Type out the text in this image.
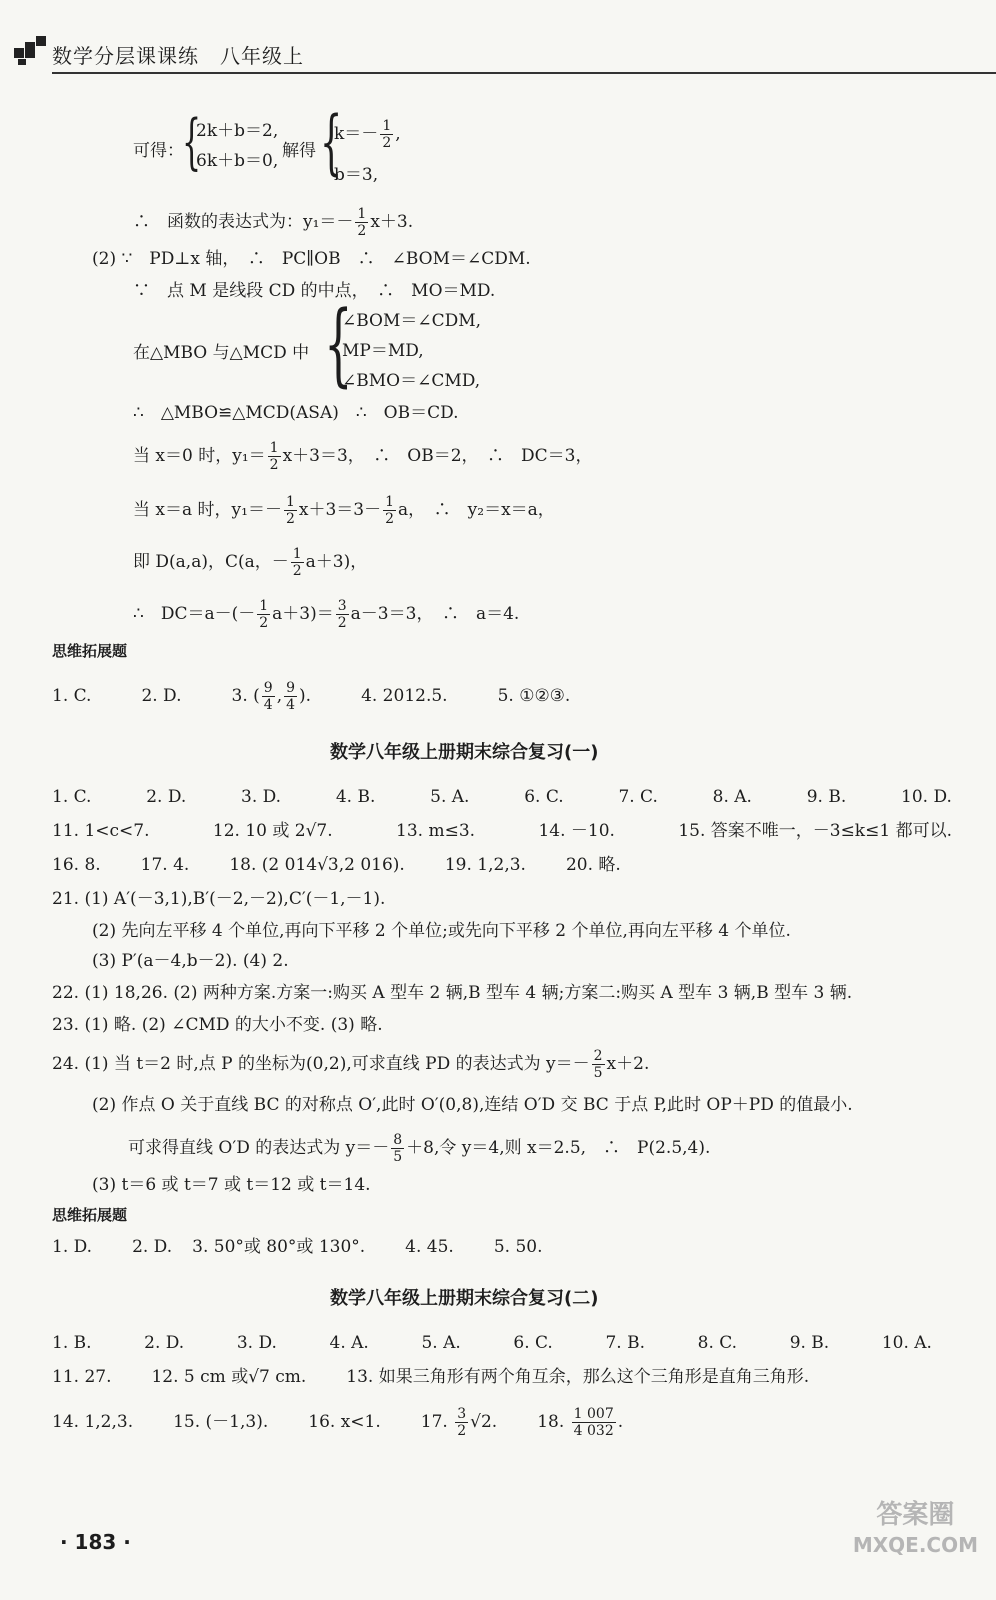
数学分层课课练　八年级上
可得：
{
2k＋b＝2,
6k＋b＝0, 解得 {
$k=- \frac{1}{2}$ ,
b＝3,
∴　函数的表达式为：$y_1=- \frac{1}{2} x+3$.
(2) ∵　PD⊥x 轴，　∴　PC∥OB　∴　∠BOM＝∠CDM.
∵　点 M 是线段 CD 的中点，　∴　MO＝MD.
在△MBO 与△MCD 中 {
∠BOM＝∠CDM,
MP＝MD,
∠BMO＝∠CMD,
∴　△MBO≌△MCD(ASA)　∴　OB＝CD.
当 x＝0 时，$y_1= \frac{1}{2} x+3=3$，　∴　OB＝2，　∴　DC＝3，
当 x＝a 时，$y_1=- \frac{1}{2} x+3=3- \frac{1}{2}$ a，　∴　y₂＝x＝a，
即 D(a,a)，C(a，－ $\frac{1}{2} a+3$)，
∴　$DC=a-(- \frac{1}{2} a+3)= \frac{3}{2} a-3=3$，　∴　a＝4.
思维拓展题
1. C.	2. D.	3. ( $\frac{9}{4}$ , $\frac{9}{4}$ ).	4. 2012.5.	5. ①②③.
数学八年级上册期末综合复习(一)
1. C.	2. D.	3. D.	4. B.	5. A.	6. C.	7. C.	8. A.	9. B.	10. D.
11. 1<c<7.	12. 10 或 2√7.	13. m≤3.	14. －10.	15. 答案不唯一，－3≤k≤1 都可以.
16. 8. 17. 4. 18. (2 014√3,2 016). 19. 1,2,3. 20. 略.
21. (1) A′(－3,1),B′(－2,－2),C′(－1,－1).
(2) 先向左平移 4 个单位,再向下平移 2 个单位;或先向下平移 2 个单位,再向左平移 4 个单位.
(3) P′(a－4,b－2). (4) 2.
22. (1) 18,26. (2) 两种方案.方案一:购买 A 型车 2 辆,B 型车 4 辆;方案二:购买 A 型车 3 辆,B 型车 3 辆.
23. (1) 略. (2) ∠CMD 的大小不变. (3) 略.
24. (1) 当 t＝2 时,点 P 的坐标为(0,2),可求直线 PD 的表达式为 $y=- \frac{2}{5} x+2$.
(2) 作点 O 关于直线 BC 的对称点 O′,此时 O′(0,8),连结 O′D 交 BC 于点 P,此时 OP＋PD 的值最小.
可求得直线 O′D 的表达式为 $y=- \frac{8}{5} +8$,令 y＝4,则 x＝2.5,　∴　P(2.5,4).
(3) t＝6 或 t＝7 或 t＝12 或 t＝14.
思维拓展题
1. D. 2. D. 3. 50°或 80°或 130°. 4. 45. 5. 50.
数学八年级上册期末综合复习(二)
1. B.	2. D.	3. D.	4. A.	5. A.	6. C.	7. B.	8. C.	9. B.	10. A.
11. 27. 12. 5 cm 或√7 cm. 13. 如果三角形有两个角互余，那么这个三角形是直角三角形.
14. 1,2,3. 15. (－1,3). 16. x<1. 17. $\frac{3}{2} √2$. 18. $\frac{1 007}{4 032}$ .
· 183 ·
答案圈
MXQE.COM
